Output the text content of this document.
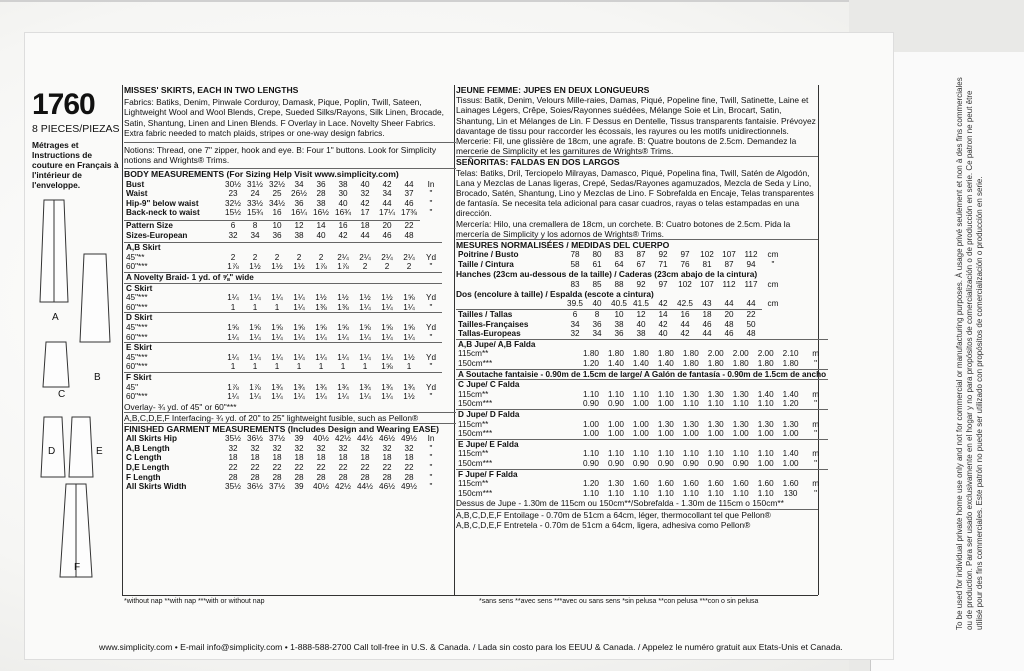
To be used for individual private home use only and not for commercial or manufacturing purposes. À usage privé seulement et non à des fins commerciales ou de production. Para ser usado exclusivamente en el hogar y no para propósitos de comercialización o de producción en serie. Ce patron ne peut être utilisé pour des fins commerciales. Este patrón no puede ser utilizado con propósitos de comercialización o producción en serie.
1760
8 PIECES/PIEZAS
Métrages et Instructions de couture en Français à l'intérieur de l'enveloppe.
A
B
C
D	E
F
MISSES' SKIRTS, EACH IN TWO LENGTHS
Fabrics: Batiks, Denim, Pinwale Corduroy, Damask, Pique, Poplin, Twill, Sateen, Lightweight Wool and Wool Blends, Crepe, Sueded Silks/Rayons, Silk Linen, Brocade, Satin, Shantung, Linen and Linen Blends. F Overlay in Lace. Novelty Sheer Fabrics. Extra fabric needed to match plaids, stripes or one-way design fabrics.
Notions: Thread, one 7" zipper, hook and eye. B: Four 1" buttons. Look for Simplicity notions and Wrights® Trims.
BODY MEASUREMENTS (For Sizing Help Visit www.simplicity.com)
Bust	30½	31½	32½	34	36	38	40	42	44	In
Waist	23	24	25	26½	28	30	32	34	37	"
Hip-9" below waist	32½	33½	34½	36	38	40	42	44	46	"
Back-neck to waist	15½	15¾	16	16¼	16½	16¾	17	17¼	17⅜	"
Pattern Size	6	8	10	12	14	16	18	20	22
Sizes-European	32	34	36	38	40	42	44	46	48
A,B Skirt										
45"**	2	2	2	2	2	2¼	2¼	2¼	2¼	Yd
60"***	1⅞	1½	1½	1½	1⅞	1⅞	2	2	2	"
A Novelty Braid- 1 yd. of ⅝" wide										
C Skirt										
45"***	1¼	1¼	1¼	1¼	1½	1½	1½	1½	1⅝	Yd
60"***	1	1	1	1¼	1⅜	1⅜	1¼	1¼	1¼	"
D Skirt										
45"***	1⅝	1⅝	1⅝	1⅝	1⅝	1⅝	1⅝	1⅝	1⅝	Yd
60"***	1¼	1¼	1¼	1¼	1¼	1¼	1¼	1¼	1¼	"
E Skirt										
45"***	1¼	1¼	1¼	1¼	1¼	1¼	1¼	1¼	1½	Yd
60"***	1	1	1	1	1	1	1	1⅝	1	"
F Skirt										
45"	1⅞	1⅞	1¾	1¾	1¾	1¾	1¾	1¾	1¾	Yd
60"***	1¼	1¼	1¼	1¼	1¼	1¼	1¼	1¼	1½	"
Overlay- ¾ yd. of 45" or 60"***
A,B,C,D,E,F Interfacing- ¾ yd. of 20" to 25" lightweight fusible, such as Pellon®
FINISHED GARMENT MEASUREMENTS (Includes Design and Wearing EASE)
All Skirts Hip	35½	36½	37½	39	40½	42½	44½	46½	49½	In
A,B Length	32	32	32	32	32	32	32	32	32	"
C Length	18	18	18	18	18	18	18	18	18	"
D,E Length	22	22	22	22	22	22	22	22	22	"
F Length	28	28	28	28	28	28	28	28	28	"
All Skirts Width	35½	36½	37½	39	40½	42½	44½	46½	49½	"
JEUNE FEMME: JUPES EN DEUX LONGUEURS
Tissus: Batik, Denim, Velours Mille-raies, Damas, Piqué, Popeline fine, Twill, Satinette, Laine et Lainages Légers, Crêpe, Soies/Rayonnes suédées, Mélange Soie et Lin, Brocart, Satin, Shantung, Lin et Mélanges de Lin. F Dessus en Dentelle, Tissus transparents fantaisie. Prévoyez davantage de tissu pour raccorder les écossais, les rayures ou les motifs unidirectionnels.
Mercerie: Fil, une glissière de 18cm, une agrafe. B: Quatre boutons de 2.5cm. Demandez la mercerie de Simplicity et les garnitures de Wrights® Trims.
SEÑORITAS: FALDAS EN DOS LARGOS
Telas: Batiks, Dril, Terciopelo Milrayas, Damasco, Piqué, Popelina fina, Twill, Satén de Algodón, Lana y Mezclas de Lanas ligeras, Crepé, Sedas/Rayones agamuzados, Mezcla de Seda y Lino, Brocado, Satén, Shantung, Lino y Mezclas de Lino. F Sobrefalda en Encaje, Telas transparentes de fantasía. Se necesita tela adicional para casar cuadros, rayas o telas estampadas en una dirección.
Mercería: Hilo, una cremallera de 18cm, un corchete. B: Cuatro botones de 2.5cm. Pida la mercería de Simplicity y los adornos de Wrights® Trims.
MESURES NORMALISÉES / MEDIDAS DEL CUERPO
Poitrine / Busto	78	80	83	87	92	97	102	107	112	cm
Taille / Cintura	58	61	64	67	71	76	81	87	94	"
Hanches (23cm au-dessous de la taille) / Caderas (23cm abajo de la cintura)
	83	85	88	92	97	102	107	112	117	cm
Dos (encolure à taille) / Espalda (escote a cintura)
	39.5	40	40.5	41.5	42	42.5	43	44	44	cm
Tailles / Tallas	6	8	10	12	14	16	18	20	22
Tailles-Françaises	34	36	38	40	42	44	46	48	50
Tallas-Europeas	32	34	36	38	40	42	44	46	48
A,B Jupe/ A,B Falda										
115cm**	1.80	1.80	1.80	1.80	1.80	2.00	2.00	2.00	2.10	m
150cm***	1.20	1.40	1.40	1.40	1.80	1.80	1.80	1.80	1.80	"
A Soutache fantaisie - 0.90m de 1.5cm de large/ A Galón de fantasía - 0.90m de 1.5cm de ancho										
C Jupe/ C Falda										
115cm**	1.10	1.10	1.10	1.10	1.30	1.30	1.30	1.40	1.40	m
150cm***	0.90	0.90	1.00	1.00	1.10	1.10	1.10	1.10	1.20	"
D Jupe/ D Falda										
115cm**	1.00	1.00	1.00	1.30	1.30	1.30	1.30	1.30	1.30	m
150cm***	1.00	1.00	1.00	1.00	1.00	1.00	1.00	1.00	1.00	"
E Jupe/ E Falda										
115cm**	1.10	1.10	1.10	1.10	1.10	1.10	1.10	1.10	1.40	m
150cm***	0.90	0.90	0.90	0.90	0.90	0.90	0.90	1.00	1.00	"
F Jupe/ F Falda										
115cm**	1.20	1.30	1.60	1.60	1.60	1.60	1.60	1.60	1.60	m
150cm***	1.10	1.10	1.10	1.10	1.10	1.10	1.10	1.10	130	"
Dessus de Jupe - 1.30m de 115cm ou 150cm**/Sobrefalda - 1.30m de 115cm o 150cm**
A,B,C,D,E,F Entoilage - 0.70m de 51cm a 64cm, léger, thermocollant tel que Pellon®
A,B,C,D,E,F Entretela - 0.70m de 51cm a 64cm, ligera, adhesiva como Pellon®
*without nap **with nap ***with or without nap	*sans sens **avec sens ***avec ou sans sens *sin pelusa **con pelusa ***con o sin pelusa
www.simplicity.com • E-mail info@simplicity.com • 1-888-588-2700 Call toll-free in U.S. & Canada. / Lada sin costo para los EEUU & Canada. / Appelez le numéro gratuit aux Etats-Unis et Canada.
